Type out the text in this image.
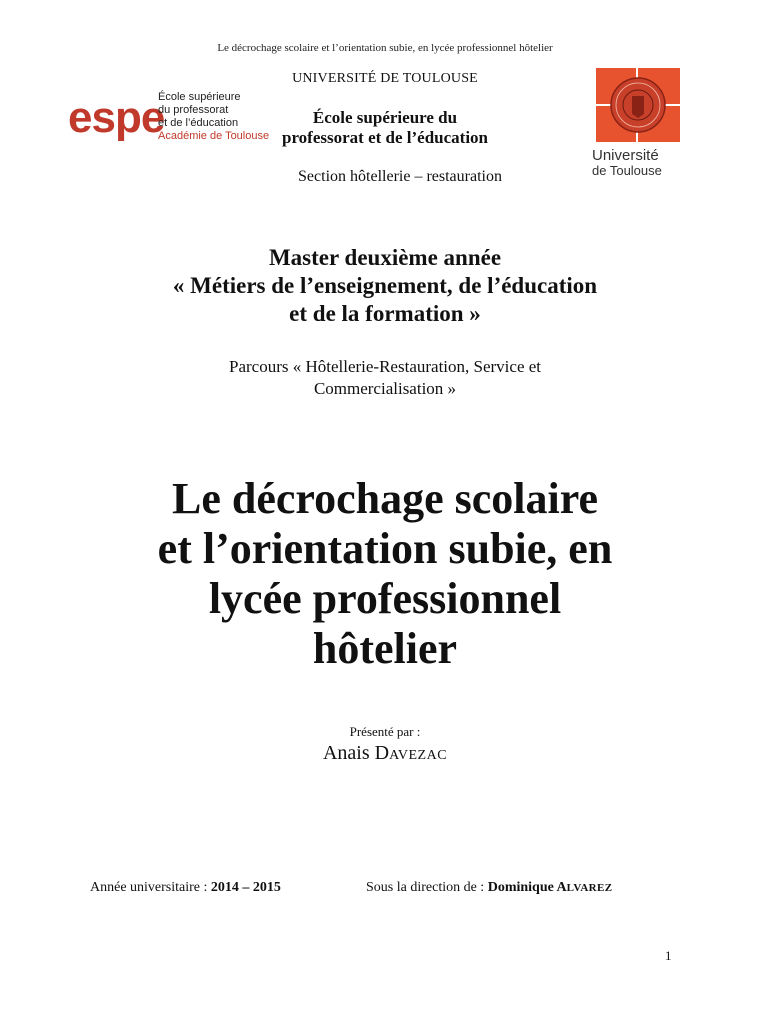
Le décrochage scolaire et l’orientation subie, en lycée professionnel hôtelier
espe
École supérieure
du professorat
et de l’éducation
Académie de Toulouse
Université
de Toulouse
UNIVERSITÉ DE TOULOUSE
École supérieure du
professorat et de l’éducation
Section hôtellerie – restauration
Master deuxième année
« Métiers de l’enseignement, de l’éducation
et de la formation »
Parcours « Hôtellerie-Restauration, Service et
Commercialisation »
Le décrochage scolaire
et l’orientation subie, en
lycée professionnel
hôtelier
Présenté par :
Anais DAVEZAC
Année universitaire : 2014 – 2015	Sous la direction de : Dominique ALVAREZ
1
